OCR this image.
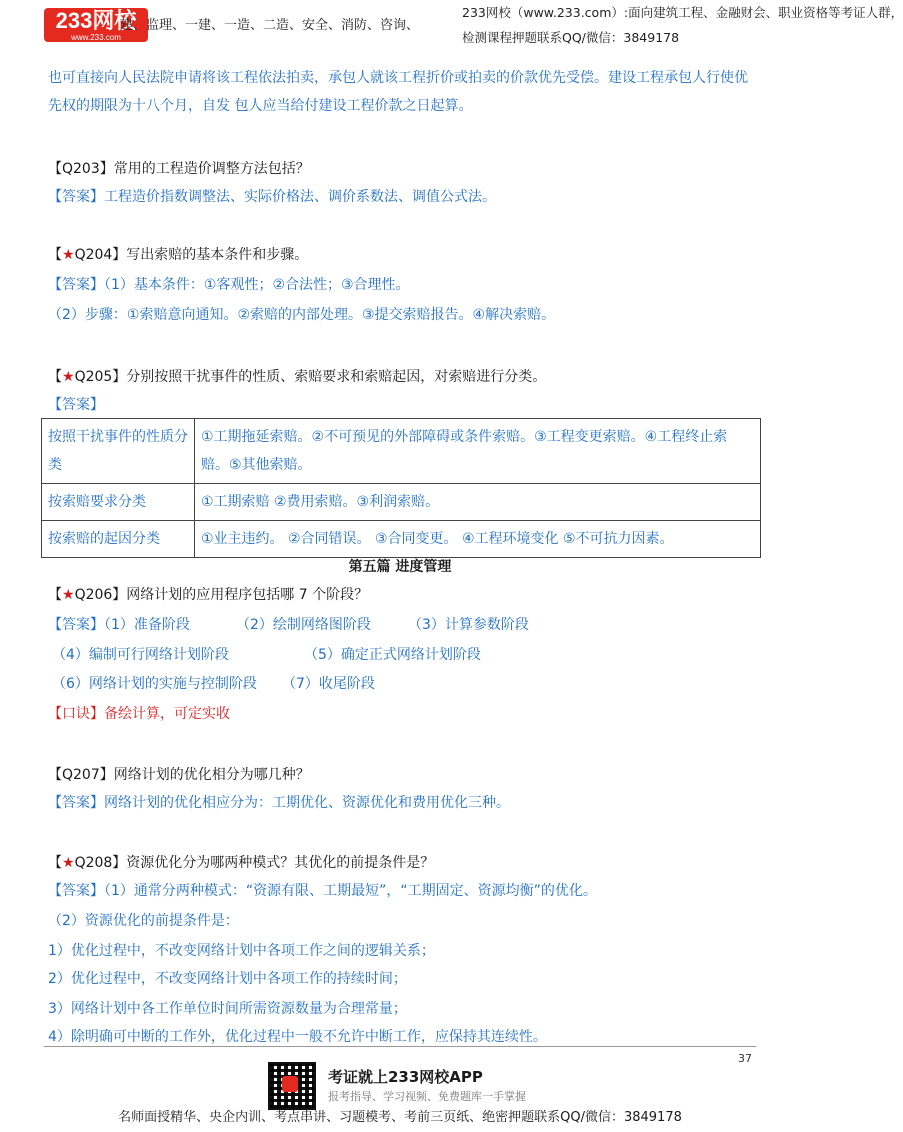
233网校
www.233.com
建、监理、一建、一造、二造、安全、消防、咨询、
233网校（www.233.com）:面向建筑工程、金融财会、职业资格等考证人群，
检测课程押题联系QQ/微信：3849178
也可直接向人民法院申请将该工程依法拍卖，承包人就该工程折价或拍卖的价款优先受偿。建设工程承包人行使优先权的期限为十八个月，自发 包人应当给付建设工程价款之日起算。
【Q203】常用的工程造价调整方法包括？
【答案】工程造价指数调整法、实际价格法、调价系数法、调值公式法。
【★Q204】写出索赔的基本条件和步骤。
【答案】（1）基本条件：①客观性；②合法性；③合理性。
（2）步骤：①索赔意向通知。②索赔的内部处理。③提交索赔报告。④解决索赔。
【★Q205】分别按照干扰事件的性质、索赔要求和索赔起因，对索赔进行分类。
【答案】
按照干扰事件的性质分类	①工期拖延索赔。②不可预见的外部障碍或条件索赔。③工程变更索赔。④工程终止索赔。⑤其他索赔。
按索赔要求分类	①工期索赔 ②费用索赔。③利润索赔。
按索赔的起因分类	①业主违约。 ②合同错误。 ③合同变更。 ④工程环境变化 ⑤不可抗力因素。
第五篇 进度管理
【★Q206】网络计划的应用程序包括哪 7 个阶段？
【答案】（1）准备阶段	（2）绘制网络图阶段	（3）计算参数阶段
（4）编制可行网络计划阶段	（5）确定正式网络计划阶段
（6）网络计划的实施与控制阶段 （7）收尾阶段
【口诀】备绘计算，可定实收
【Q207】网络计划的优化相分为哪几种？
【答案】网络计划的优化相应分为：工期优化、资源优化和费用优化三种。
【★Q208】资源优化分为哪两种模式？其优化的前提条件是？
【答案】（1）通常分两种模式：“资源有限、工期最短”，“工期固定、资源均衡”的优化。
（2）资源优化的前提条件是：
1）优化过程中，不改变网络计划中各项工作之间的逻辑关系；
2）优化过程中，不改变网络计划中各项工作的持续时间；
3）网络计划中各工作单位时间所需资源数量为合理常量；
4）除明确可中断的工作外，优化过程中一般不允许中断工作，应保持其连续性。
37
考证就上233网校APP
报考指导、学习视频、免费题库一手掌握
名师面授精华、央企内训、考点串讲、习题模考、考前三页纸、绝密押题联系QQ/微信：3849178
